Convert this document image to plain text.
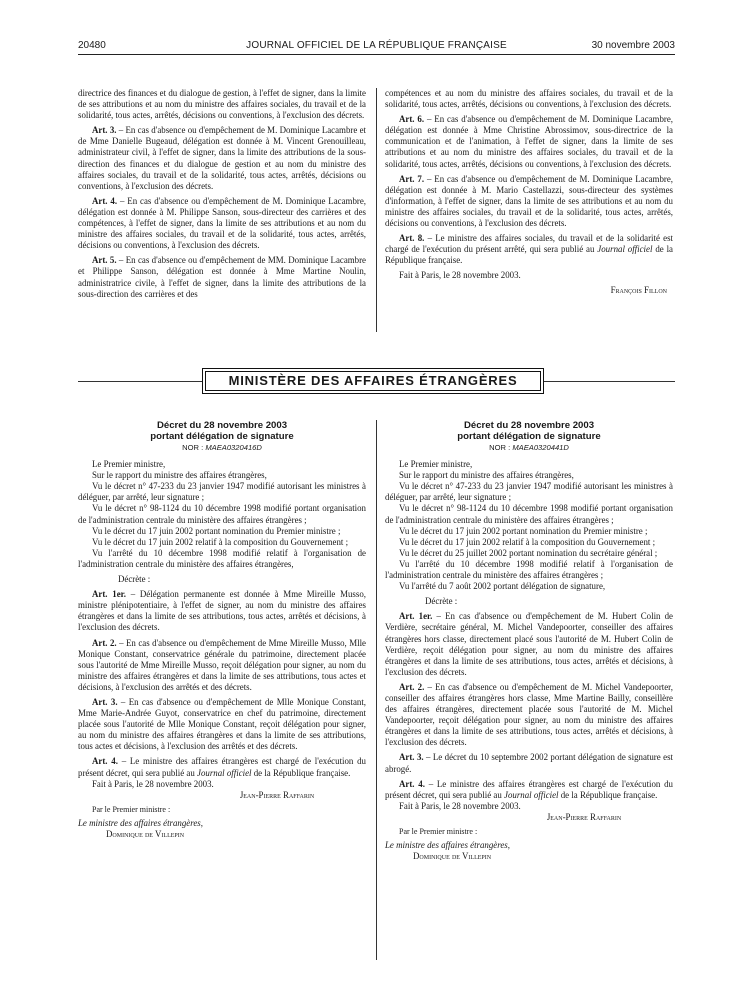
20480	JOURNAL OFFICIEL DE LA RÉPUBLIQUE FRANÇAISE	30 novembre 2003

directrice des finances et du dialogue de gestion, à l'effet de signer, dans la limite de ses attributions et au nom du ministre des affaires sociales, du travail et de la solidarité, tous actes, arrêtés, décisions ou conventions, à l'exclusion des décrets.

Art. 3. – En cas d'absence ou d'empêchement de M. Dominique Lacambre et de Mme Danielle Bugeaud, délégation est donnée à M. Vincent Grenouilleau, administrateur civil, à l'effet de signer, dans la limite des attributions de la sous-direction des finances et du dialogue de gestion et au nom du ministre des affaires sociales, du travail et de la solidarité, tous actes, arrêtés, décisions ou conventions, à l'exclusion des décrets.

Art. 4. – En cas d'absence ou d'empêchement de M. Dominique Lacambre, délégation est donnée à M. Philippe Sanson, sous-directeur des carrières et des compétences, à l'effet de signer, dans la limite de ses attributions et au nom du ministre des affaires sociales, du travail et de la solidarité, tous actes, arrêtés, décisions ou conventions, à l'exclusion des décrets.

Art. 5. – En cas d'absence ou d'empêchement de MM. Dominique Lacambre et Philippe Sanson, délégation est donnée à Mme Martine Noulin, administratrice civile, à l'effet de signer, dans la limite des attributions de la sous-direction des carrières et des

compétences et au nom du ministre des affaires sociales, du travail et de la solidarité, tous actes, arrêtés, décisions ou conventions, à l'exclusion des décrets.

Art. 6. – En cas d'absence ou d'empêchement de M. Dominique Lacambre, délégation est donnée à Mme Christine Abrossimov, sous-directrice de la communication et de l'animation, à l'effet de signer, dans la limite de ses attributions et au nom du ministre des affaires sociales, du travail et de la solidarité, tous actes, arrêtés, décisions ou conventions, à l'exclusion des décrets.

Art. 7. – En cas d'absence ou d'empêchement de M. Dominique Lacambre, délégation est donnée à M. Mario Castellazzi, sous-directeur des systèmes d'information, à l'effet de signer, dans la limite de ses attributions et au nom du ministre des affaires sociales, du travail et de la solidarité, tous actes, arrêtés, décisions ou conventions, à l'exclusion des décrets.

Art. 8. – Le ministre des affaires sociales, du travail et de la solidarité est chargé de l'exécution du présent arrêté, qui sera publié au Journal officiel de la République française.

Fait à Paris, le 28 novembre 2003.

François Fillon

MINISTÈRE DES AFFAIRES ÉTRANGÈRES
Décret du 28 novembre 2003
portant délégation de signature
NOR : MAEA0320416D

Le Premier ministre,

Sur le rapport du ministre des affaires étrangères,

Vu le décret n° 47-233 du 23 janvier 1947 modifié autorisant les ministres à déléguer, par arrêté, leur signature ;

Vu le décret n° 98-1124 du 10 décembre 1998 modifié portant organisation de l'administration centrale du ministère des affaires étrangères ;

Vu le décret du 17 juin 2002 portant nomination du Premier ministre ;

Vu le décret du 17 juin 2002 relatif à la composition du Gouvernement ;

Vu l'arrêté du 10 décembre 1998 modifié relatif à l'organisation de l'administration centrale du ministère des affaires étrangères,

Décrète :

Art. 1er. – Délégation permanente est donnée à Mme Mireille Musso, ministre plénipotentiaire, à l'effet de signer, au nom du ministre des affaires étrangères et dans la limite de ses attributions, tous actes, arrêtés et décisions, à l'exclusion des décrets.

Art. 2. – En cas d'absence ou d'empêchement de Mme Mireille Musso, Mlle Monique Constant, conservatrice générale du patrimoine, directement placée sous l'autorité de Mme Mireille Musso, reçoit délégation pour signer, au nom du ministre des affaires étrangères et dans la limite de ses attributions, tous actes et décisions, à l'exclusion des arrêtés et des décrets.

Art. 3. – En cas d'absence ou d'empêchement de Mlle Monique Constant, Mme Marie-Andrée Guyot, conservatrice en chef du patrimoine, directement placée sous l'autorité de Mlle Monique Constant, reçoit délégation pour signer, au nom du ministre des affaires étrangères et dans la limite de ses attributions, tous actes et décisions, à l'exclusion des arrêtés et des décrets.

Art. 4. – Le ministre des affaires étrangères est chargé de l'exécution du présent décret, qui sera publié au Journal officiel de la République française.

Fait à Paris, le 28 novembre 2003.

Jean-Pierre Raffarin

Par le Premier ministre :

Le ministre des affaires étrangères,

Dominique de Villepin

Décret du 28 novembre 2003
portant délégation de signature
NOR : MAEA0320441D

Le Premier ministre,

Sur le rapport du ministre des affaires étrangères,

Vu le décret n° 47-233 du 23 janvier 1947 modifié autorisant les ministres à déléguer, par arrêté, leur signature ;

Vu le décret n° 98-1124 du 10 décembre 1998 modifié portant organisation de l'administration centrale du ministère des affaires étrangères ;

Vu le décret du 17 juin 2002 portant nomination du Premier ministre ;

Vu le décret du 17 juin 2002 relatif à la composition du Gouvernement ;

Vu le décret du 25 juillet 2002 portant nomination du secrétaire général ;

Vu l'arrêté du 10 décembre 1998 modifié relatif à l'organisation de l'administration centrale du ministère des affaires étrangères ;

Vu l'arrêté du 7 août 2002 portant délégation de signature,

Décrète :

Art. 1er. – En cas d'absence ou d'empêchement de M. Hubert Colin de Verdière, secrétaire général, M. Michel Vandepoorter, conseiller des affaires étrangères hors classe, directement placé sous l'autorité de M. Hubert Colin de Verdière, reçoit délégation pour signer, au nom du ministre des affaires étrangères et dans la limite de ses attributions, tous actes, arrêtés et décisions, à l'exclusion des décrets.

Art. 2. – En cas d'absence ou d'empêchement de M. Michel Vandepoorter, conseiller des affaires étrangères hors classe, Mme Martine Bailly, conseillère des affaires étrangères, directement placée sous l'autorité de M. Michel Vandepoorter, reçoit délégation pour signer, au nom du ministre des affaires étrangères et dans la limite de ses attributions, tous actes, arrêtés et décisions, à l'exclusion des décrets.

Art. 3. – Le décret du 10 septembre 2002 portant délégation de signature est abrogé.

Art. 4. – Le ministre des affaires étrangères est chargé de l'exécution du présent décret, qui sera publié au Journal officiel de la République française.

Fait à Paris, le 28 novembre 2003.

Jean-Pierre Raffarin

Par le Premier ministre :

Le ministre des affaires étrangères,

Dominique de Villepin
